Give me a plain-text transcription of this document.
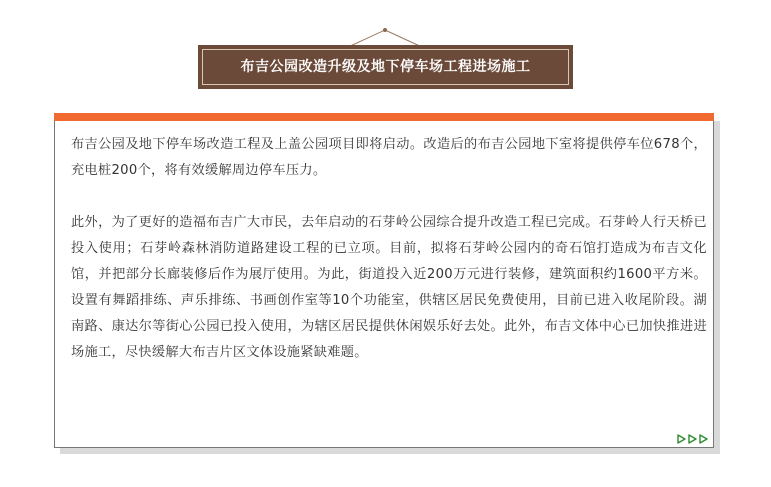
布吉公园改造升级及地下停车场工程进场施工

布吉公园及地下停车场改造工程及上盖公园项目即将启动。改造后的布吉公园地下室将提供停车位678个，充电桩200个，将有效缓解周边停车压力。

此外，为了更好的造福布吉广大市民，去年启动的石芽岭公园综合提升改造工程已完成。石芽岭人行天桥已投入使用；石芽岭森林消防道路建设工程的已立项。目前，拟将石芽岭公园内的奇石馆打造成为布吉文化馆，并把部分长廊装修后作为展厅使用。为此，街道投入近200万元进行装修，建筑面积约1600平方米。设置有舞蹈排练、声乐排练、书画创作室等10个功能室，供辖区居民免费使用，目前已进入收尾阶段。湖南路、康达尔等街心公园已投入使用，为辖区居民提供休闲娱乐好去处。此外，布吉文体中心已加快推进进场施工，尽快缓解大布吉片区文体设施紧缺难题。
